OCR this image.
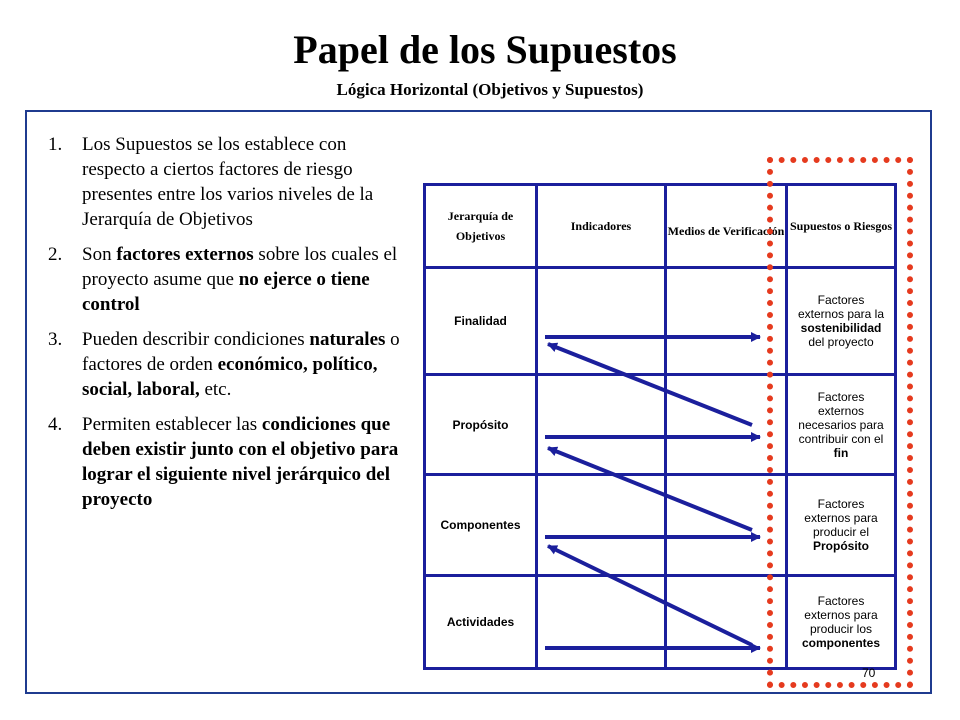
Papel de los Supuestos
Lógica Horizontal (Objetivos y Supuestos)
1. Los Supuestos se los establece con respecto a ciertos factores de riesgo presentes entre los varios niveles de la Jerarquía de Objetivos
2. Son factores externos sobre los cuales el proyecto asume que no ejerce o tiene control
3. Pueden describir condiciones naturales o factores de orden económico, político, social, laboral, etc.
4. Permiten establecer las condiciones que deben existir junto con el objetivo para lograr el siguiente nivel jerárquico del proyecto
Jerarquía de Objetivos
Indicadores	Medios de Verificación Supuestos o Riesgos
Finalidad
Propósito
Componentes
Actividades
Factores externos para la sostenibilidad del proyecto
Factores externos necesarios para contribuir con el fin
Factores externos para producir el Propósito
Factores externos para producir los componentes
70
